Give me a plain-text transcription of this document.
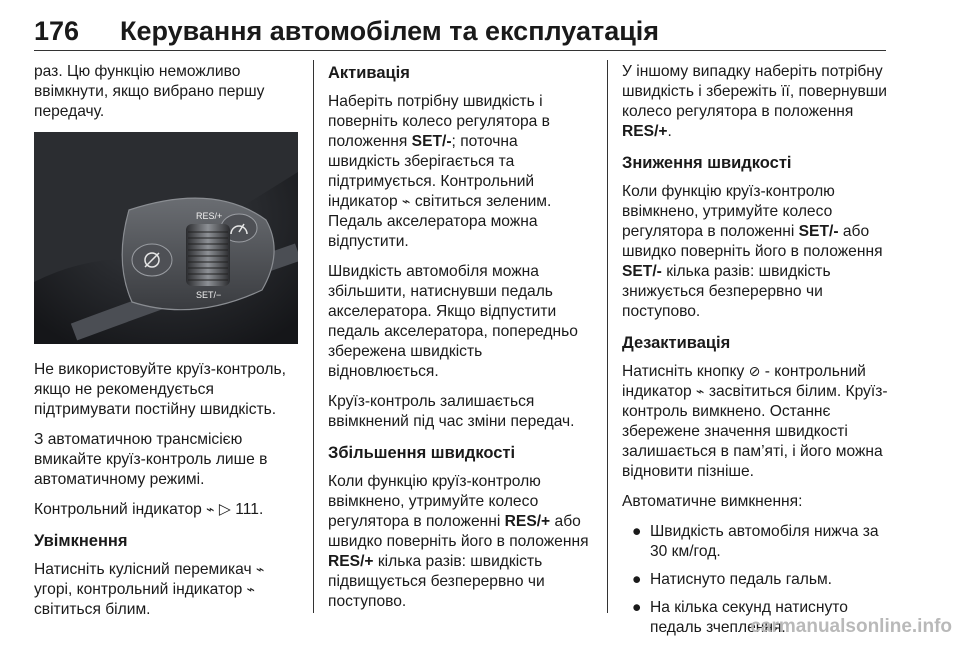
176 Керування автомобілем та експлуатація

раз. Цю функцію неможливо ввімкнути, якщо вибрано першу передачу.

RES/+
SET/−

Не використовуйте круїз-контроль, якщо не рекомендується підтримувати постійну швидкість.

З автоматичною трансмісією вмикайте круїз-контроль лише в автоматичному режимі.

Контрольний індикатор ⌁ ▷ 111.

Увімкнення

Натисніть кулісний перемикач ⌁ угорі, контрольний індикатор ⌁ світиться білим.

Активація

Наберіть потрібну швидкість і поверніть колесо регулятора в положення SET/-; поточна швидкість зберігається та підтримується. Контрольний індикатор ⌁ світиться зеленим. Педаль акселератора можна відпустити.

Швидкість автомобіля можна збільшити, натиснувши педаль акселератора. Якщо відпустити педаль акселератора, попередньо збережена швидкість відновлюється.

Круїз-контроль залишається ввімкнений під час зміни передач.

Збільшення швидкості

Коли функцію круїз-контролю ввімкнено, утримуйте колесо регулятора в положенні RES/+ або швидко поверніть його в положення RES/+ кілька разів: швидкість підвищується безперервно чи поступово.

У іншому випадку наберіть потрібну швидкість і збережіть її, повернувши колесо регулятора в положення RES/+.

Зниження швидкості

Коли функцію круїз-контролю ввімкнено, утримуйте колесо регулятора в положенні SET/- або швидко поверніть його в положення SET/- кілька разів: швидкість знижується безперервно чи поступово.

Дезактивація

Натисніть кнопку ⊘ - контрольний індикатор ⌁ засвітиться білим. Круїз-контроль вимкнено. Останнє збережене значення швидкості залишається в пам’яті, і його можна відновити пізніше.

Автоматичне вимкнення:

● Швидкість автомобіля нижча за 30 км/год.
● Натиснуто педаль гальм.
● На кілька секунд натиснуто педаль зчеплення.
carmanualsonline.info
